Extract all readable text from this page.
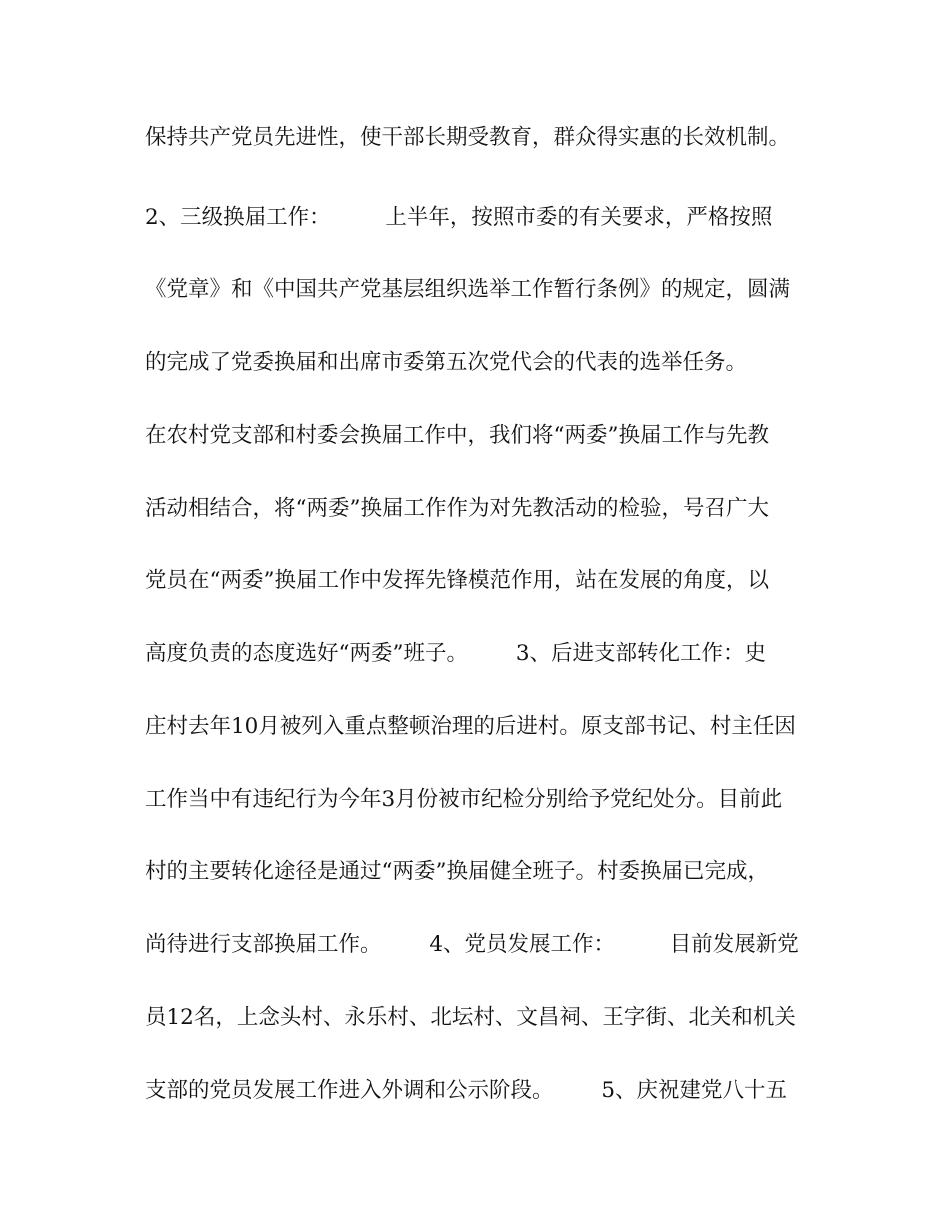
保持共产党员先进性，使干部长期受教育，群众得实惠的长效机制。
2、三级换届工作：        上半年，按照市委的有关要求，严格按照
《党章》和《中国共产党基层组织选举工作暂行条例》的规定，圆满
的完成了党委换届和出席市委第五次党代会的代表的选举任务。
在农村党支部和村委会换届工作中，我们将“两委”换届工作与先教
活动相结合，将“两委”换届工作作为对先教活动的检验，号召广大
党员在“两委”换届工作中发挥先锋模范作用，站在发展的角度，以
高度负责的态度选好“两委”班子。       3、后进支部转化工作：史
庄村去年10月被列入重点整顿治理的后进村。原支部书记、村主任因
工作当中有违纪行为今年3月份被市纪检分别给予党纪处分。目前此
村的主要转化途径是通过“两委”换届健全班子。村委换届已完成，
尚待进行支部换届工作。       4、党员发展工作：        目前发展新党
员12名，上念头村、永乐村、北坛村、文昌祠、王字街、北关和机关
支部的党员发展工作进入外调和公示阶段。       5、庆祝建党八十五
